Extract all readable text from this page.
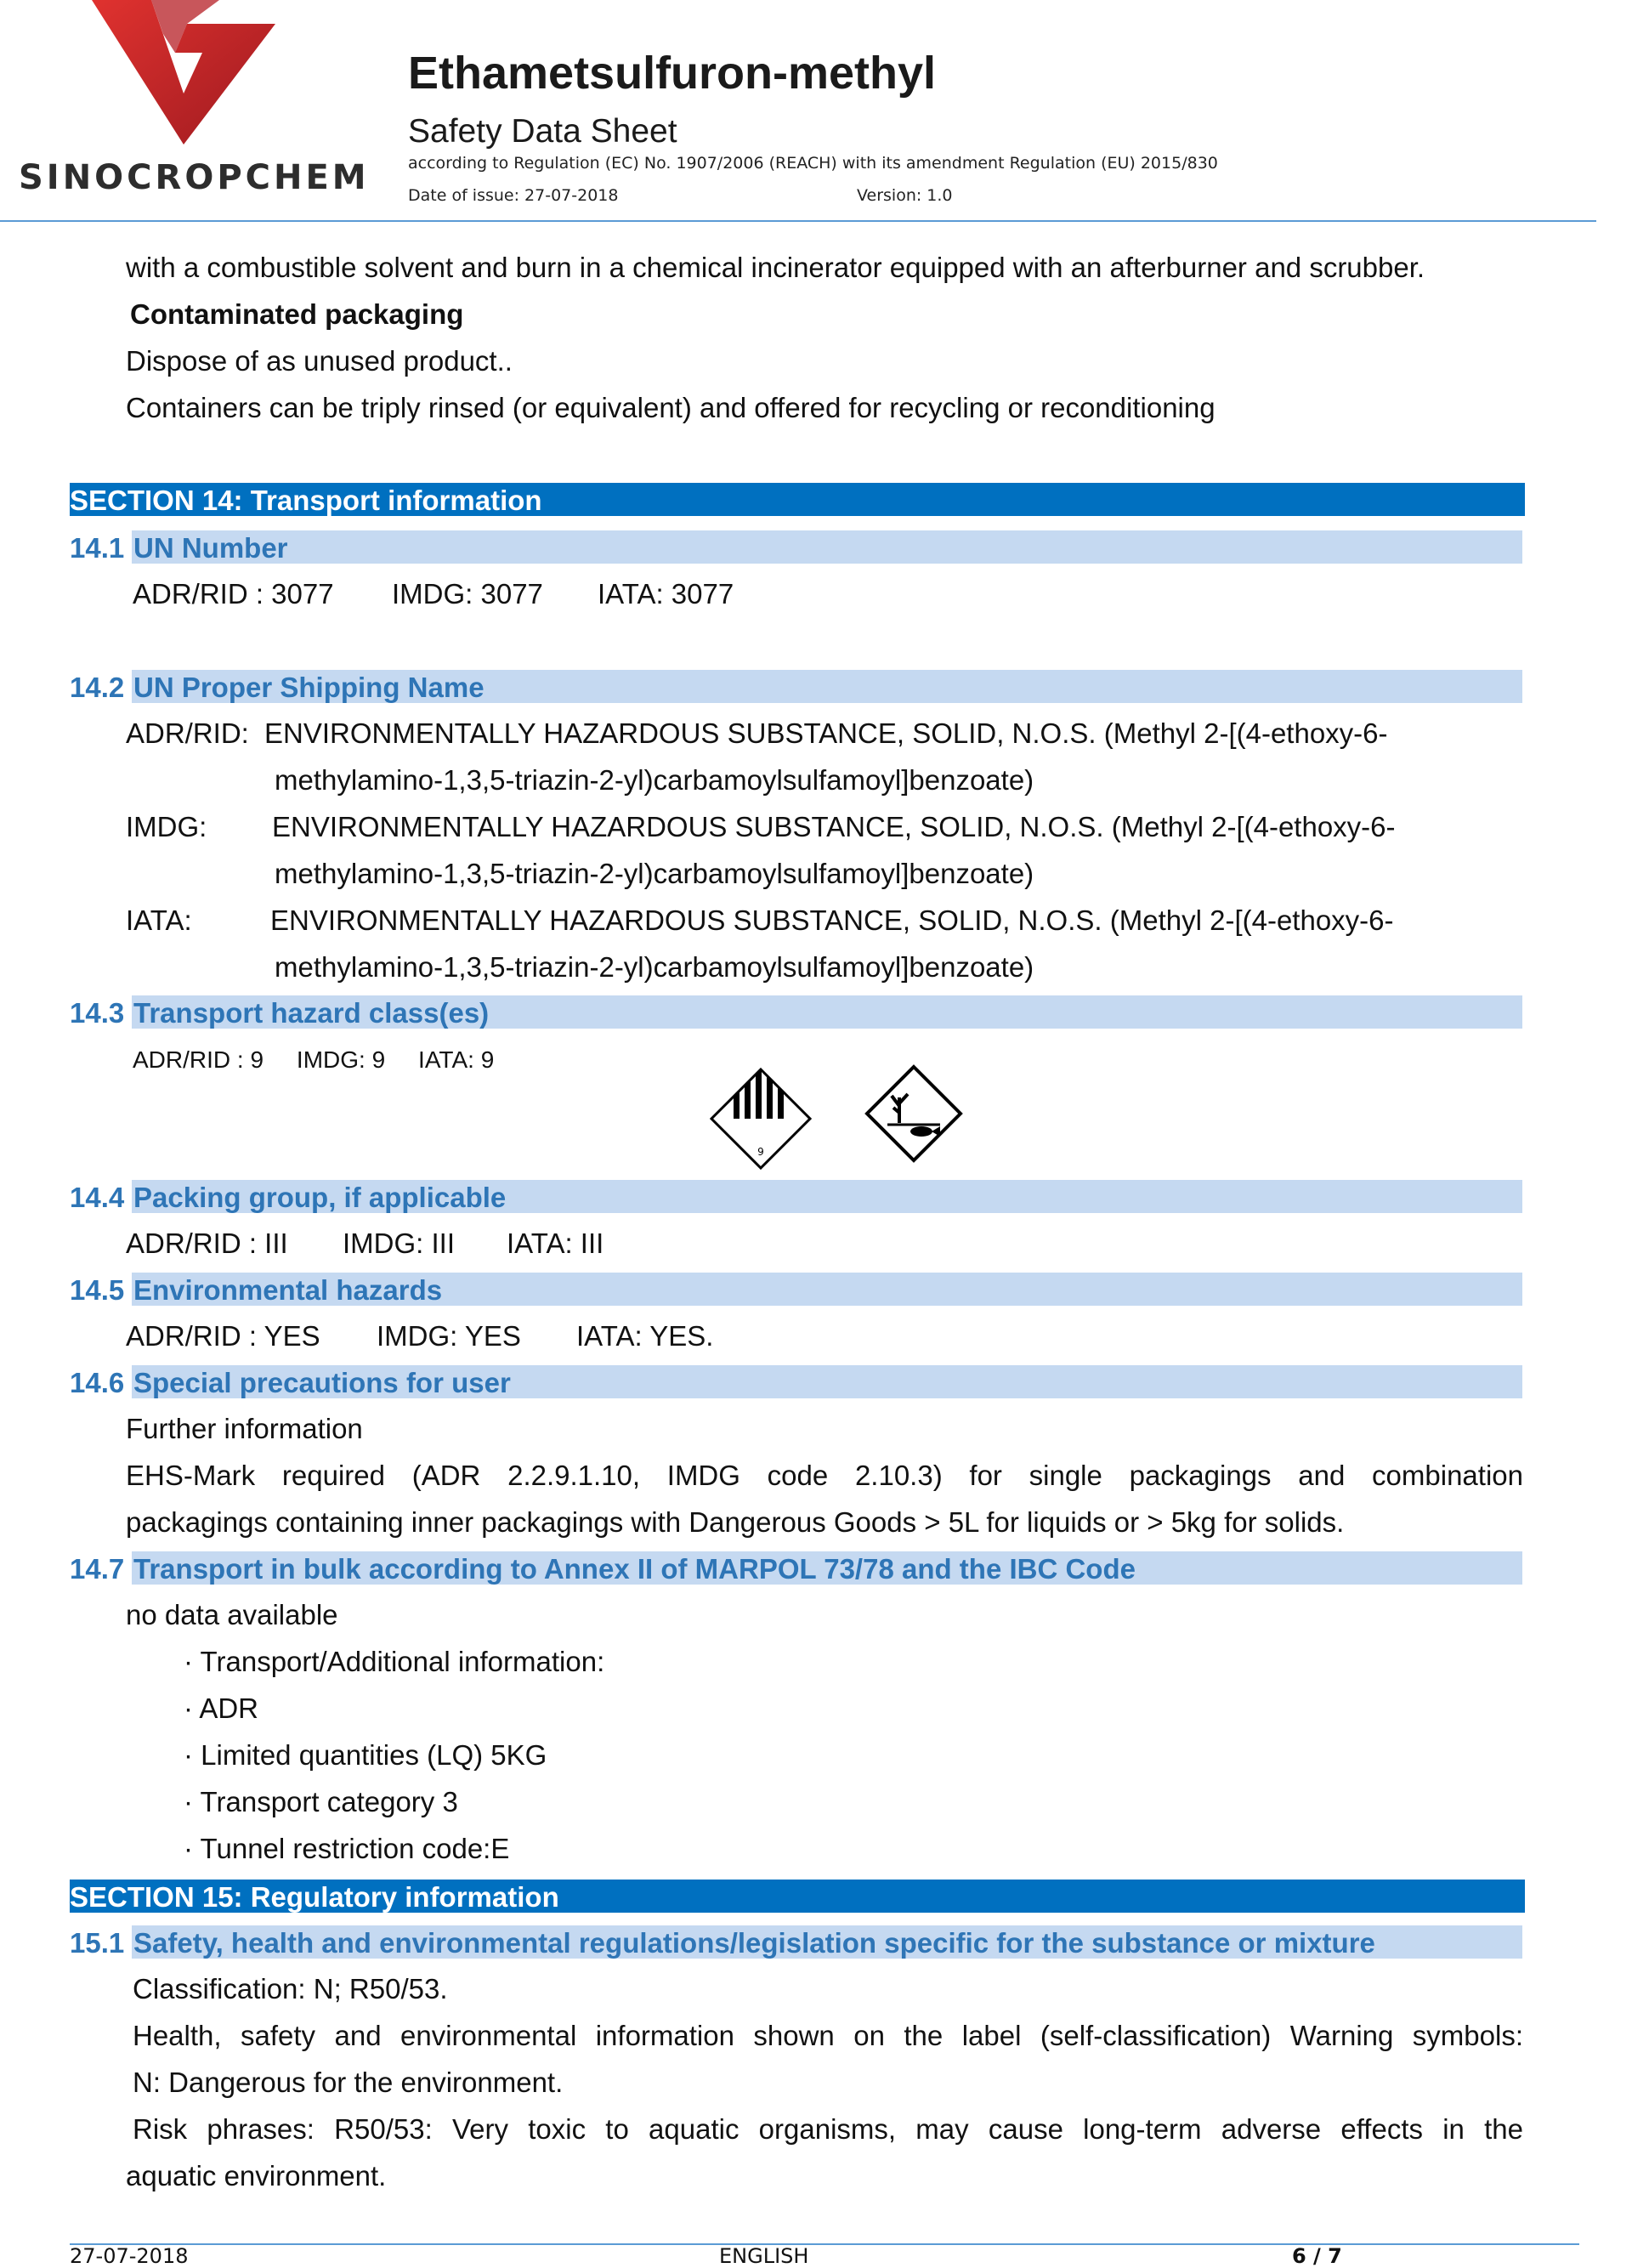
SINOCROPCHEM
Ethametsulfuron-methyl
Safety Data Sheet
according to Regulation (EC) No. 1907/2006 (REACH) with its amendment Regulation (EU) 2015/830
Date of issue: 27-07-2018	Version: 1.0
with a combustible solvent and burn in a chemical incinerator equipped with an afterburner and scrubber.
Contaminated packaging
Dispose of as unused product..
Containers can be triply rinsed (or equivalent) and offered for recycling or reconditioning
SECTION 14: Transport information
14.1 UN Number
ADR/RID : 3077 IMDG: 3077 IATA: 3077
14.2 UN Proper Shipping Name
ADR/RID: ENVIRONMENTALLY HAZARDOUS SUBSTANCE, SOLID, N.O.S. (Methyl 2-[(4-ethoxy-6-
methylamino-1,3,5-triazin-2-yl)carbamoylsulfamoyl]benzoate)
IMDG: ENVIRONMENTALLY HAZARDOUS SUBSTANCE, SOLID, N.O.S. (Methyl 2-[(4-ethoxy-6-
methylamino-1,3,5-triazin-2-yl)carbamoylsulfamoyl]benzoate)
IATA:	ENVIRONMENTALLY HAZARDOUS SUBSTANCE, SOLID, N.O.S. (Methyl 2-[(4-ethoxy-6-
methylamino-1,3,5-triazin-2-yl)carbamoylsulfamoyl]benzoate)
14.3 Transport hazard class(es)
ADR/RID : 9     IMDG: 9     IATA: 9
9
14.4 Packing group, if applicable
ADR/RID : III IMDG: III IATA: III
14.5 Environmental hazards
ADR/RID : YES IMDG: YES IATA: YES.
14.6 Special precautions for user
Further information
EHS-Mark required (ADR 2.2.9.1.10, IMDG code 2.10.3) for single packagings and combination
packagings containing inner packagings with Dangerous Goods > 5L for liquids or > 5kg for solids.
14.7 Transport in bulk according to Annex II of MARPOL 73/78 and the IBC Code
no data available
· Transport/Additional information:
· ADR
· Limited quantities (LQ) 5KG
· Transport category 3
· Tunnel restriction code:E
SECTION 15: Regulatory information
15.1 Safety, health and environmental regulations/legislation specific for the substance or mixture
Classification: N; R50/53.
Health, safety and environmental information shown on the label (self-classification) Warning symbols:
N: Dangerous for the environment.
Risk phrases: R50/53: Very toxic to aquatic organisms, may cause long-term adverse effects in the
aquatic environment.
27-07-2018	ENGLISH	6 / 7
